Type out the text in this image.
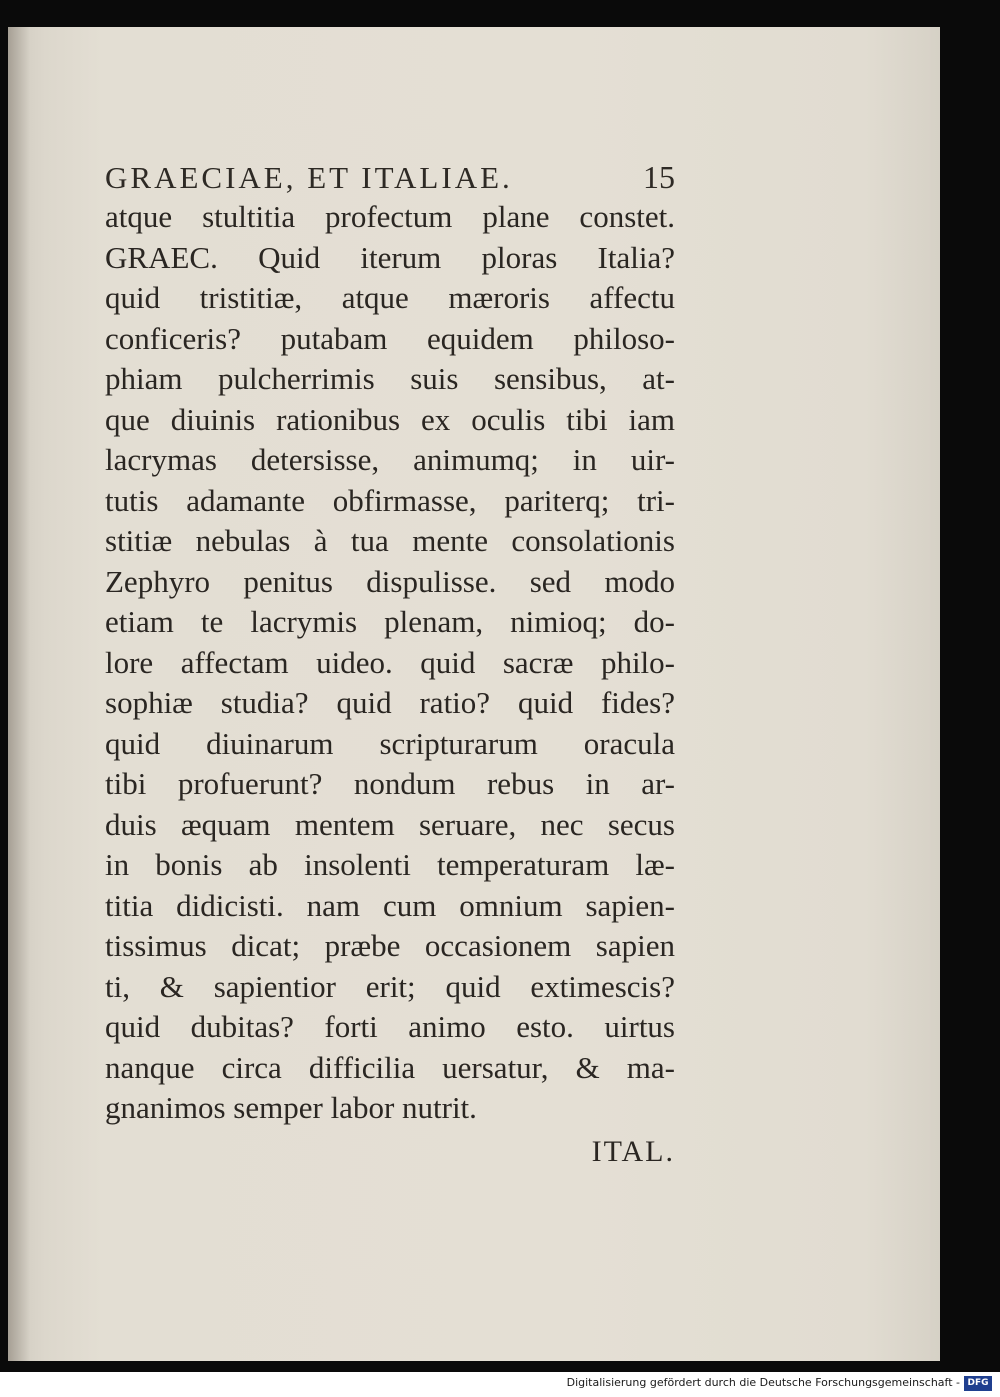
GRAECIAE, ET ITALIAE.	15
atque stultitia profectum plane constet.
GRAEC. Quid iterum ploras Italia?
quid tristitiæ, atque mæroris affectu
conficeris? putabam equidem philoso-
phiam pulcherrimis suis sensibus, at-
que diuinis rationibus ex oculis tibi iam
lacrymas detersisse, animumq; in uir-
tutis adamante obfirmasse, pariterq; tri-
stitiæ nebulas à tua mente consolationis
Zephyro penitus dispulisse. sed modo
etiam te lacrymis plenam, nimioq; do-
lore affectam uideo. quid sacræ philo-
sophiæ studia? quid ratio? quid fides?
quid diuinarum scripturarum oracula
tibi profuerunt? nondum rebus in ar-
duis æquam mentem seruare, nec secus
in bonis ab insolenti temperaturam læ-
titia didicisti. nam cum omnium sapien-
tissimus dicat; præbe occasionem sapien
ti, & sapientior erit; quid extimescis?
quid dubitas? forti animo esto. uirtus
nanque circa difficilia uersatur, & ma-
gnanimos semper labor nutrit.
ITAL.
Digitalisierung gefördert durch die Deutsche Forschungsgemeinschaft - DFG
